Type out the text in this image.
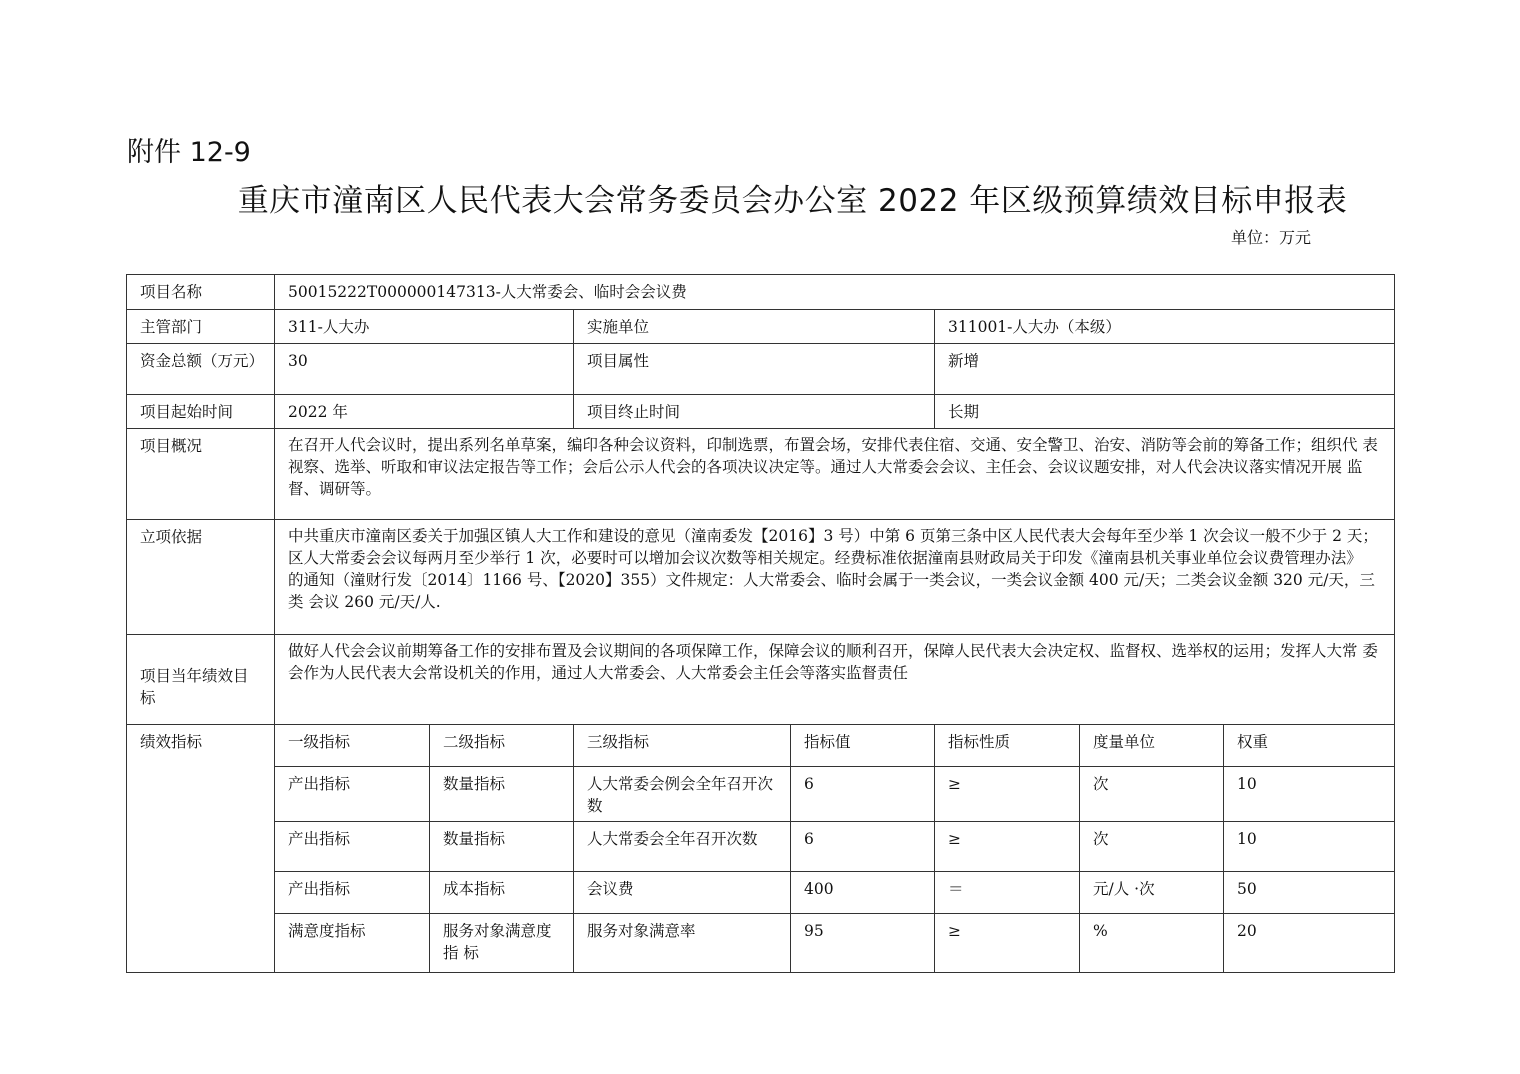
附件 12-9
重庆市潼南区人民代表大会常务委员会办公室 2022 年区级预算绩效目标申报表
单位：万元
项目名称	50015222T000000147313-人大常委会、临时会会议费						
主管部门	311-人大办		实施单位		311001-人大办（本级）		
资金总额（万元）	30		项目属性		新增		
项目起始时间	2022 年		项目终止时间		长期		
项目概况	在召开人代会议时，提出系列名单草案，编印各种会议资料，印制选票，布置会场，安排代表住宿、交通、安全警卫、治安、消防等会前的筹备工作；组织代 表视察、选举、听取和审议法定报告等工作；会后公示人代会的各项决议决定等。通过人大常委会会议、主任会、会议议题安排，对人代会决议落实情况开展 监督、调研等。						
立项依据	中共重庆市潼南区委关于加强区镇人大工作和建设的意见（潼南委发【2016】3 号）中第 6 页第三条中区人民代表大会每年至少举 1 次会议一般不少于 2 天； 区人大常委会会议每两月至少举行 1 次，必要时可以增加会议次数等相关规定。经费标准依据潼南县财政局关于印发《潼南县机关事业单位会议费管理办法》 的通知（潼财行发〔2014〕1166 号、【2020】355）文件规定：人大常委会、临时会属于一类会议，一类会议金额 400 元/天；二类会议金额 320 元/天，三类 会议 260 元/天/人.						
项目当年绩效目标	做好人代会会议前期筹备工作的安排布置及会议期间的各项保障工作，保障会议的顺利召开，保障人民代表大会决定权、监督权、选举权的运用；发挥人大常 委会作为人民代表大会常设机关的作用，通过人大常委会、人大常委会主任会等落实监督责任						
绩效指标	一级指标	二级指标	三级指标	指标值	指标性质	度量单位	权重
	产出指标	数量指标	人大常委会例会全年召开次数	6	≥	次	10
	产出指标	数量指标	人大常委会全年召开次数	6	≥	次	10
	产出指标	成本指标	会议费	400	＝	元/人 ·次	50
	满意度指标	服务对象满意度指 标	服务对象满意率	95	≥	%	20
